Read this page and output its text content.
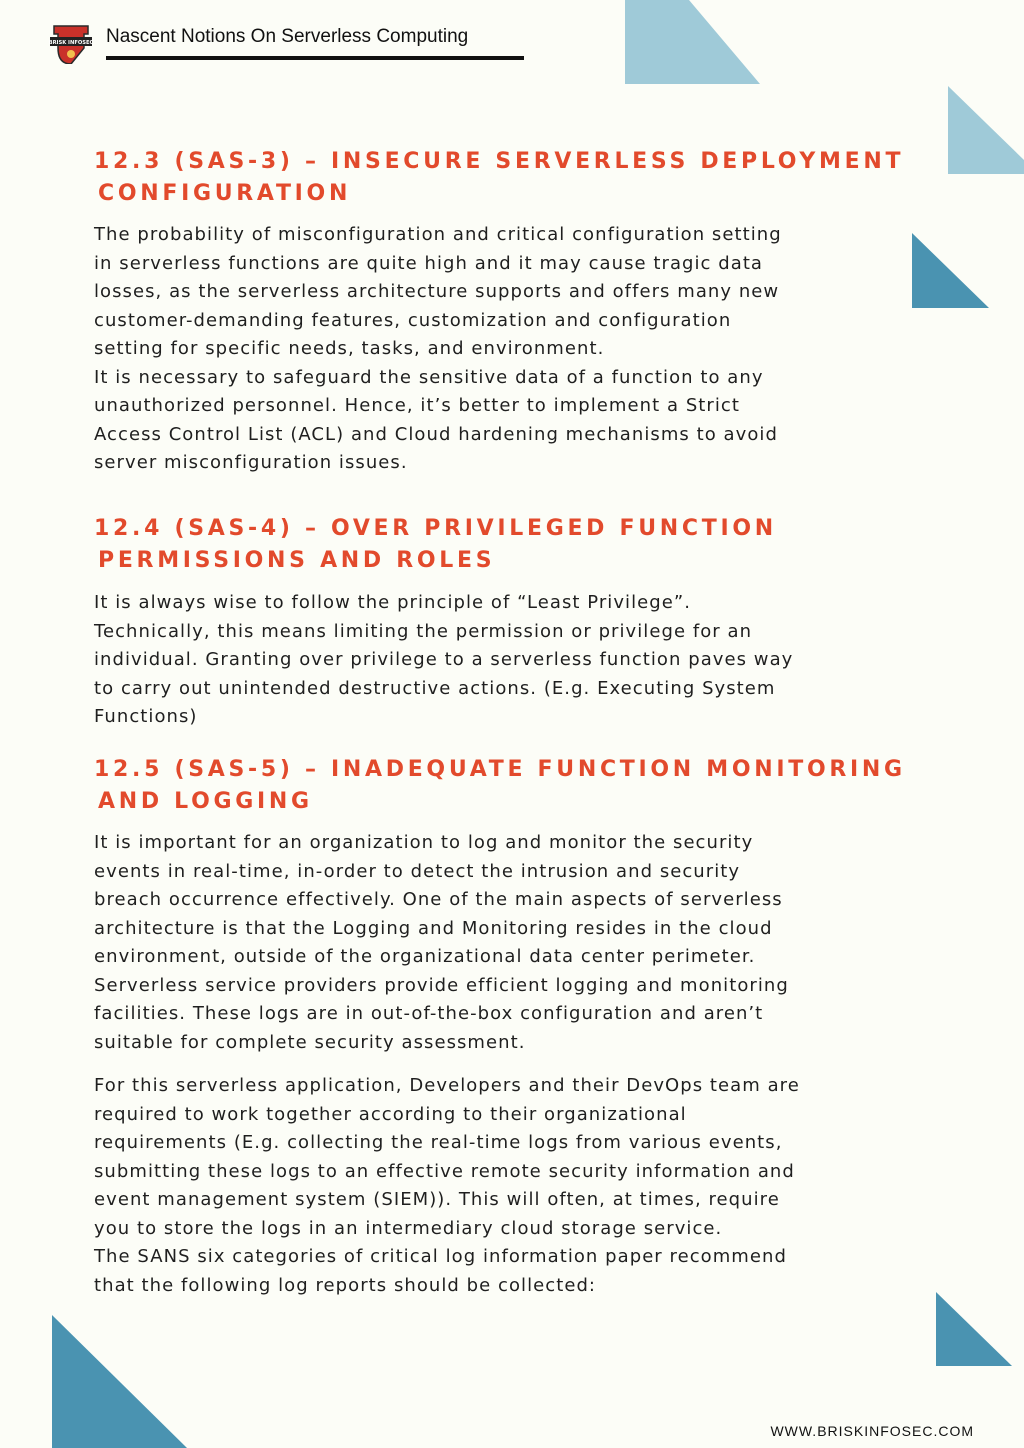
BRISK INFOSEC Nascent Notions On Serverless Computing
12.3 (SAS-3) – INSECURE SERVERLESS DEPLOYMENT
CONFIGURATION

The probability of misconfiguration and critical configuration setting
in serverless functions are quite high and it may cause tragic data
losses, as the serverless architecture supports and offers many new
customer-demanding features, customization and configuration
setting for specific needs, tasks, and environment.
It is necessary to safeguard the sensitive data of a function to any
unauthorized personnel. Hence, it’s better to implement a Strict
Access Control List (ACL) and Cloud hardening mechanisms to avoid
server misconfiguration issues.

12.4 (SAS-4) – OVER PRIVILEGED FUNCTION
PERMISSIONS AND ROLES

It is always wise to follow the principle of “Least Privilege”.
Technically, this means limiting the permission or privilege for an
individual. Granting over privilege to a serverless function paves way
to carry out unintended destructive actions. (E.g. Executing System
Functions)

12.5 (SAS-5) – INADEQUATE FUNCTION MONITORING
AND LOGGING

It is important for an organization to log and monitor the security
events in real-time, in-order to detect the intrusion and security
breach occurrence effectively. One of the main aspects of serverless
architecture is that the Logging and Monitoring resides in the cloud
environment, outside of the organizational data center perimeter.
Serverless service providers provide efficient logging and monitoring
facilities. These logs are in out-of-the-box configuration and aren’t
suitable for complete security assessment.

For this serverless application, Developers and their DevOps team are
required to work together according to their organizational
requirements (E.g. collecting the real-time logs from various events,
submitting these logs to an effective remote security information and
event management system (SIEM)). This will often, at times, require
you to store the logs in an intermediary cloud storage service.
The SANS six categories of critical log information paper recommend
that the following log reports should be collected:

WWW.BRISKINFOSEC.COM
